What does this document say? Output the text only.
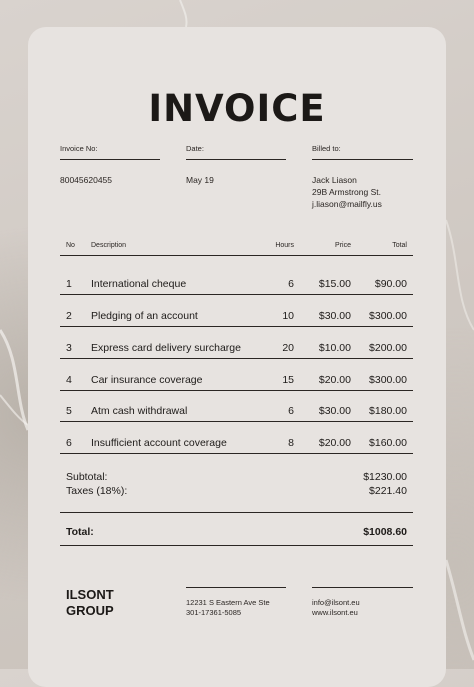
INVOICE
Invoice No:	Date:	Billed to:
80045620455	May 19	Jack Liason
29B Armstrong St.
j.liason@mailfly.us
No Description	Hours	Price	Total
1 International cheque	6	$15.00	$90.00
2 Pledging of an account	10	$30.00	$300.00
3 Express card delivery surcharge	20	$10.00	$200.00
4 Car insurance coverage	15	$20.00	$300.00
5 Atm cash withdrawal	6	$30.00	$180.00
6 Insufficient account coverage	8	$20.00	$160.00
Subtotal:	$1230.00
Taxes (18%):	$221.40
Total:	$1008.60
ILSONT
GROUP
12231 S Eastern Ave Ste
301-17361-5085
info@ilsont.eu
www.ilsont.eu
